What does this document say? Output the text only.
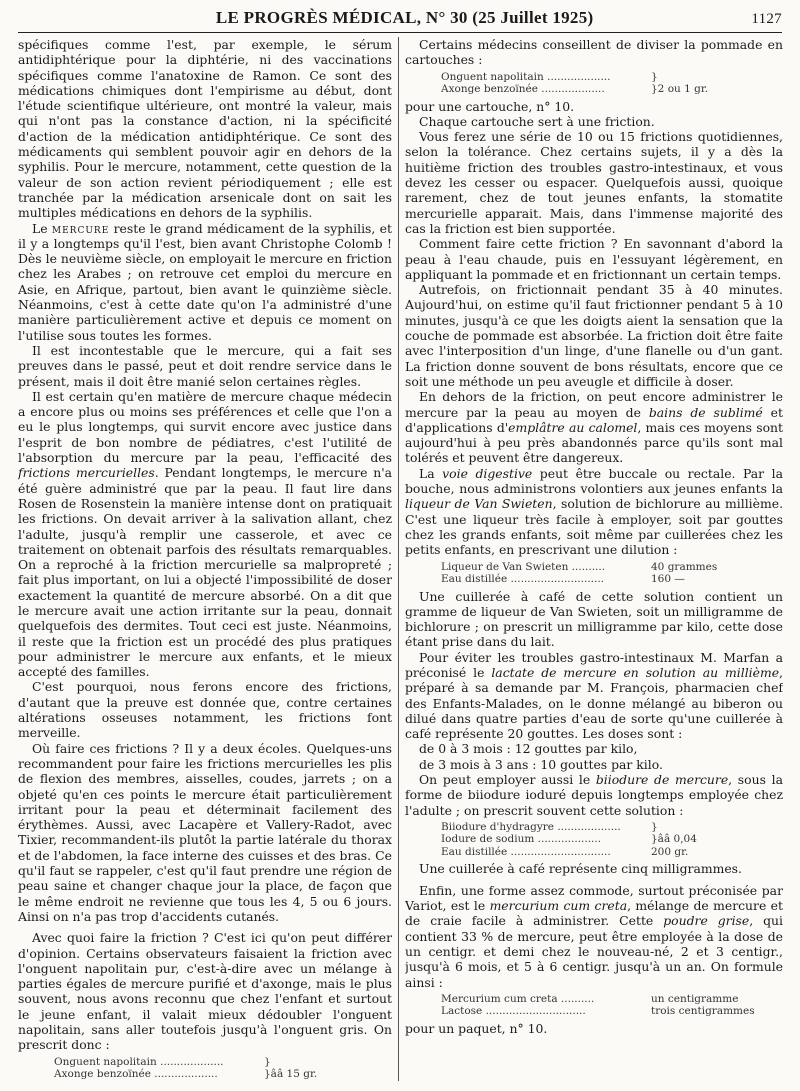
LE PROGRÈS MÉDICAL, N° 30 (25 Juillet 1925)	1127

spécifiques comme l'est, par exemple, le sérum antidiphtérique pour la diphtérie, ni des vaccinations spécifiques comme l'anatoxine de Ramon. Ce sont des médications chimiques dont l'empirisme au début, dont l'étude scientifique ultérieure, ont montré la valeur, mais qui n'ont pas la constance d'action, ni la spécificité d'action de la médication antidiphtérique. Ce sont des médicaments qui semblent pouvoir agir en dehors de la syphilis. Pour le mercure, notamment, cette question de la valeur de son action revient périodiquement ; elle est tranchée par la médication arsenicale dont on sait les multiples médications en dehors de la syphilis.

Le mercure reste le grand médicament de la syphilis, et il y a longtemps qu'il l'est, bien avant Christophe Colomb ! Dès le neuvième siècle, on employait le mercure en friction chez les Arabes ; on retrouve cet emploi du mercure en Asie, en Afrique, partout, bien avant le quinzième siècle. Néanmoins, c'est à cette date qu'on l'a administré d'une manière particulièrement active et depuis ce moment on l'utilise sous toutes les formes.

Il est incontestable que le mercure, qui a fait ses preuves dans le passé, peut et doit rendre service dans le présent, mais il doit être manié selon certaines règles.

Il est certain qu'en matière de mercure chaque médecin a encore plus ou moins ses préférences et celle que l'on a eu le plus longtemps, qui survit encore avec justice dans l'esprit de bon nombre de pédiatres, c'est l'utilité de l'absorption du mercure par la peau, l'efficacité des frictions mercurielles. Pendant longtemps, le mercure n'a été guère administré que par la peau. Il faut lire dans Rosen de Rosenstein la manière intense dont on pratiquait les frictions. On devait arriver à la salivation allant, chez l'adulte, jusqu'à remplir une casserole, et avec ce traitement on obtenait parfois des résultats remarquables. On a reproché à la friction mercurielle sa malpropreté ; fait plus important, on lui a objecté l'impossibilité de doser exactement la quantité de mercure absorbé. On a dit que le mercure avait une action irritante sur la peau, donnait quelquefois des dermites. Tout ceci est juste. Néanmoins, il reste que la friction est un procédé des plus pratiques pour administrer le mercure aux enfants, et le mieux accepté des familles.

C'est pourquoi, nous ferons encore des frictions, d'autant que la preuve est donnée que, contre certaines altérations osseuses notamment, les frictions font merveille.

Où faire ces frictions ? Il y a deux écoles. Quelques-uns recommandent pour faire les frictions mercurielles les plis de flexion des membres, aisselles, coudes, jarrets ; on a objeté qu'en ces points le mercure était particulièrement irritant pour la peau et déterminait facilement des érythèmes. Aussi, avec Lacapère et Vallery-Radot, avec Tixier, recommandent-ils plutôt la partie latérale du thorax et de l'abdomen, la face interne des cuisses et des bras. Ce qu'il faut se rappeler, c'est qu'il faut prendre une région de peau saine et changer chaque jour la place, de façon que le même endroit ne revienne que tous les 4, 5 ou 6 jours. Ainsi on n'a pas trop d'accidents cutanés.

Avec quoi faire la friction ? C'est ici qu'on peut différer d'opinion. Certains observateurs faisaient la friction avec l'onguent napolitain pur, c'est-à-dire avec un mélange à parties égales de mercure purifié et d'axonge, mais le plus souvent, nous avons reconnu que chez l'enfant et surtout le jeune enfant, il valait mieux dédoubler l'onguent napolitain, sans aller toutefois jusqu'à l'onguent gris. On prescrit donc :

Onguent napolitain ...................	}
Axonge benzoïnée ...................	}ââ 15 gr.

Certains médecins conseillent de diviser la pommade en cartouches :

Onguent napolitain ...................	}
Axonge benzoïnée ...................	}2 ou 1 gr.

pour une cartouche, n° 10.

Chaque cartouche sert à une friction.

Vous ferez une série de 10 ou 15 frictions quotidiennes, selon la tolérance. Chez certains sujets, il y a dès la huitième friction des troubles gastro-intestinaux, et vous devez les cesser ou espacer. Quelquefois aussi, quoique rarement, chez de tout jeunes enfants, la stomatite mercurielle apparait. Mais, dans l'immense majorité des cas la friction est bien supportée.

Comment faire cette friction ? En savonnant d'abord la peau à l'eau chaude, puis en l'essuyant légèrement, en appliquant la pommade et en frictionnant un certain temps.

Autrefois, on frictionnait pendant 35 à 40 minutes. Aujourd'hui, on estime qu'il faut frictionner pendant 5 à 10 minutes, jusqu'à ce que les doigts aient la sensation que la couche de pommade est absorbée. La friction doit être faite avec l'interposition d'un linge, d'une flanelle ou d'un gant. La friction donne souvent de bons résultats, encore que ce soit une méthode un peu aveugle et difficile à doser.

En dehors de la friction, on peut encore administrer le mercure par la peau au moyen de bains de sublimé et d'applications d'emplâtre au calomel, mais ces moyens sont aujourd'hui à peu près abandonnés parce qu'ils sont mal tolérés et peuvent être dangereux.

La voie digestive peut être buccale ou rectale. Par la bouche, nous administrons volontiers aux jeunes enfants la liqueur de Van Swieten, solution de bichlorure au millième. C'est une liqueur très facile à employer, soit par gouttes chez les grands enfants, soit même par cuillerées chez les petits enfants, en prescrivant une dilution :

Liqueur de Van Swieten ..........	40 grammes
Eau distillée ............................	160 —

Une cuillerée à café de cette solution contient un gramme de liqueur de Van Swieten, soit un milligramme de bichlorure ; on prescrit un milligramme par kilo, cette dose étant prise dans du lait.

Pour éviter les troubles gastro-intestinaux M. Marfan a préconisé le lactate de mercure en solution au millième, préparé à sa demande par M. François, pharmacien chef des Enfants-Malades, on le donne mélangé au biberon ou dilué dans quatre parties d'eau de sorte qu'une cuillerée à café représente 20 gouttes. Les doses sont :

de 0 à 3 mois : 12 gouttes par kilo,

de 3 mois à 3 ans : 10 gouttes par kilo.

On peut employer aussi le biiodure de mercure, sous la forme de biiodure ioduré depuis longtemps employée chez l'adulte ; on prescrit souvent cette solution :

Biiodure d'hydragyre ...................	}
Iodure de sodium ...................	}ââ 0,04
Eau distillée ..............................	200 gr.

Une cuillerée à café représente cinq milligrammes.

Enfin, une forme assez commode, surtout préconisée par Variot, est le mercurium cum creta, mélange de mercure et de craie facile à administrer. Cette poudre grise, qui contient 33 % de mercure, peut être employée à la dose de un centigr. et demi chez le nouveau-né, 2 et 3 centigr., jusqu'à 6 mois, et 5 à 6 centigr. jusqu'à un an. On formule ainsi :

Mercurium cum creta ..........	un centigramme
Lactose ..............................	trois centigrammes

pour un paquet, n° 10.
